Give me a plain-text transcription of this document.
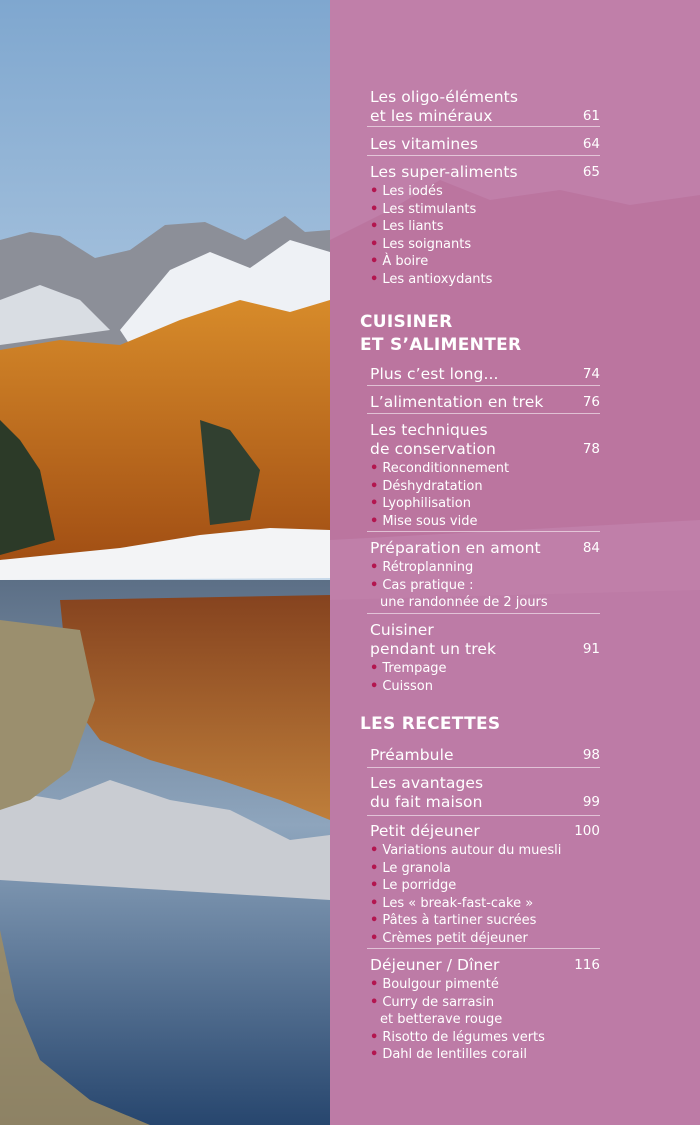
Les oligo-éléments
et les minéraux	61
Les vitamines	64
Les super-aliments	65
• Les iodés
• Les stimulants
• Les liants
• Les soignants
• À boire
• Les antioxydants
CUISINER
ET S’ALIMENTER
Plus c’est long...	74
L’alimentation en trek	76
Les techniques
de conservation	78
• Reconditionnement
• Déshydratation
• Lyophilisation
• Mise sous vide
Préparation en amont	84
• Rétroplanning
• Cas pratique :
une randonnée de 2 jours
Cuisiner
pendant un trek	91
• Trempage
• Cuisson
LES RECETTES
Préambule	98
Les avantages
du fait maison	99
Petit déjeuner	100
• Variations autour du muesli
• Le granola
• Le porridge
• Les « break-fast-cake »
• Pâtes à tartiner sucrées
• Crèmes petit déjeuner
Déjeuner / Dîner	116
• Boulgour pimenté
• Curry de sarrasin
et betterave rouge
• Risotto de légumes verts
• Dahl de lentilles corail
